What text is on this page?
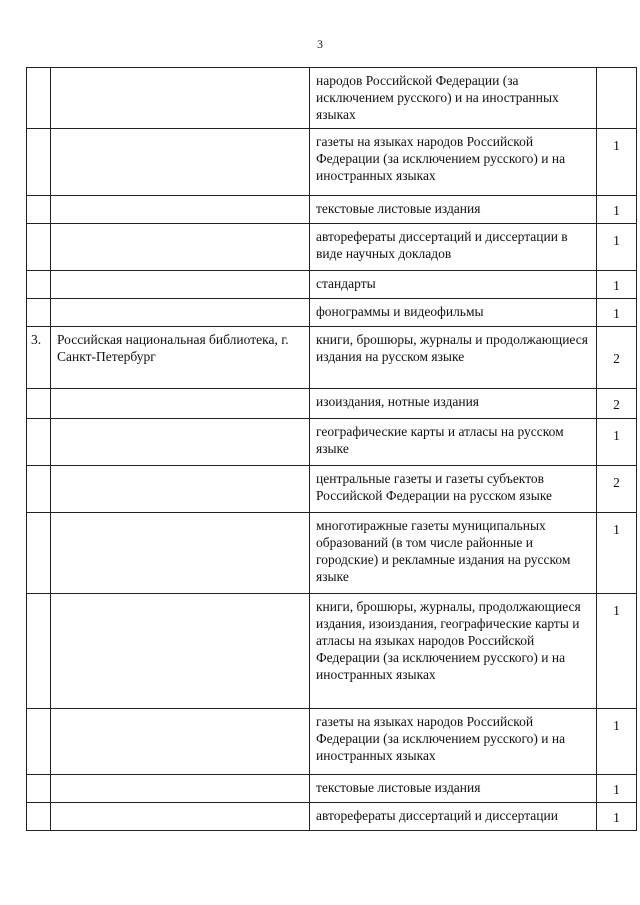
3
		народов Российской Федерации (за исключением русского) и на иностранных языках	
		газеты на языках народов Российской Федерации (за исключением русского) и на иностранных языках	1
		текстовые листовые издания	1
		авторефераты диссертаций и диссертации в виде научных докладов	1
		стандарты	1
		фонограммы и видеофильмы	1
3.	Российская национальная библиотека, г. Санкт-Петербург	книги, брошюры, журналы и продолжающиеся издания на русском языке	2
		изоиздания, нотные издания	2
		географические карты и атласы на русском языке	1
		центральные газеты и газеты субъектов Российской Федерации на русском языке	2
		многотиражные газеты муниципальных образований (в том числе районные и городские) и рекламные издания на русском языке	1
		книги, брошюры, журналы, продолжающиеся издания, изоиздания, географические карты и атласы на языках народов Российской Федерации (за исключением русского) и на иностранных языках	1
		газеты на языках народов Российской Федерации (за исключением русского) и на иностранных языках	1
		текстовые листовые издания	1
		авторефераты диссертаций и диссертации	1
